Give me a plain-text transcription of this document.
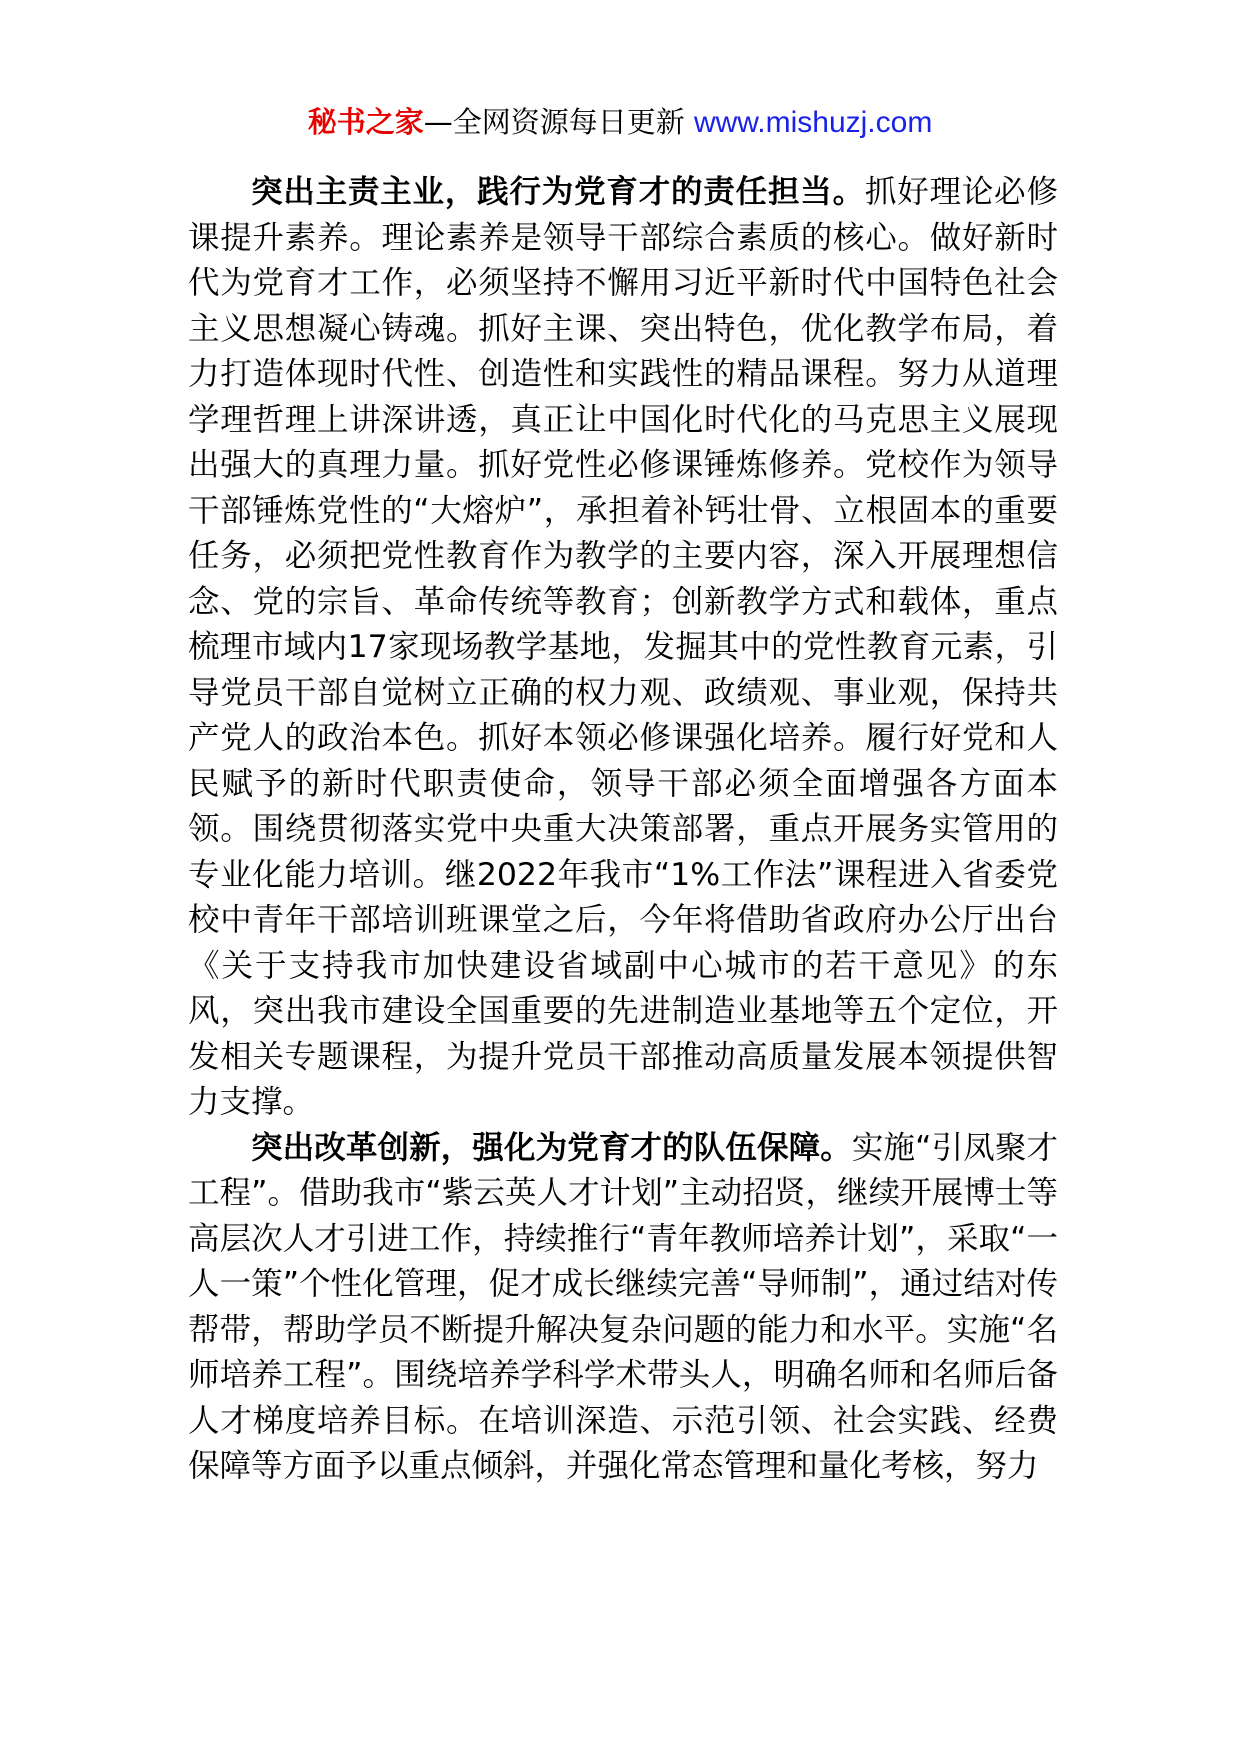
秘书之家—全网资源每日更新 www.mishuzj.com

突出主责主业，践行为党育才的责任担当。抓好理论必修课提升素养。理论素养是领导干部综合素质的核心。做好新时代为党育才工作，必须坚持不懈用习近平新时代中国特色社会主义思想凝心铸魂。抓好主课、突出特色，优化教学布局，着力打造体现时代性、创造性和实践性的精品课程。努力从道理学理哲理上讲深讲透，真正让中国化时代化的马克思主义展现出强大的真理力量。抓好党性必修课锤炼修养。党校作为领导干部锤炼党性的“大熔炉”，承担着补钙壮骨、立根固本的重要任务，必须把党性教育作为教学的主要内容，深入开展理想信念、党的宗旨、革命传统等教育；创新教学方式和载体，重点梳理市域内17家现场教学基地，发掘其中的党性教育元素，引导党员干部自觉树立正确的权力观、政绩观、事业观，保持共产党人的政治本色。抓好本领必修课强化培养。履行好党和人民赋予的新时代职责使命，领导干部必须全面增强各方面本领。围绕贯彻落实党中央重大决策部署，重点开展务实管用的专业化能力培训。继2022年我市“1%工作法”课程进入省委党校中青年干部培训班课堂之后，今年将借助省政府办公厅出台《关于支持我市加快建设省域副中心城市的若干意见》的东风，突出我市建设全国重要的先进制造业基地等五个定位，开发相关专题课程，为提升党员干部推动高质量发展本领提供智力支撑。

突出改革创新，强化为党育才的队伍保障。实施“引凤聚才工程”。借助我市“紫云英人才计划”主动招贤，继续开展博士等高层次人才引进工作，持续推行“青年教师培养计划”，采取“一人一策”个性化管理，促才成长继续完善“导师制”，通过结对传帮带，帮助学员不断提升解决复杂问题的能力和水平。实施“名师培养工程”。围绕培养学科学术带头人，明确名师和名师后备人才梯度培养目标。在培训深造、示范引领、社会实践、经费保障等方面予以重点倾斜，并强化常态管理和量化考核，努力
